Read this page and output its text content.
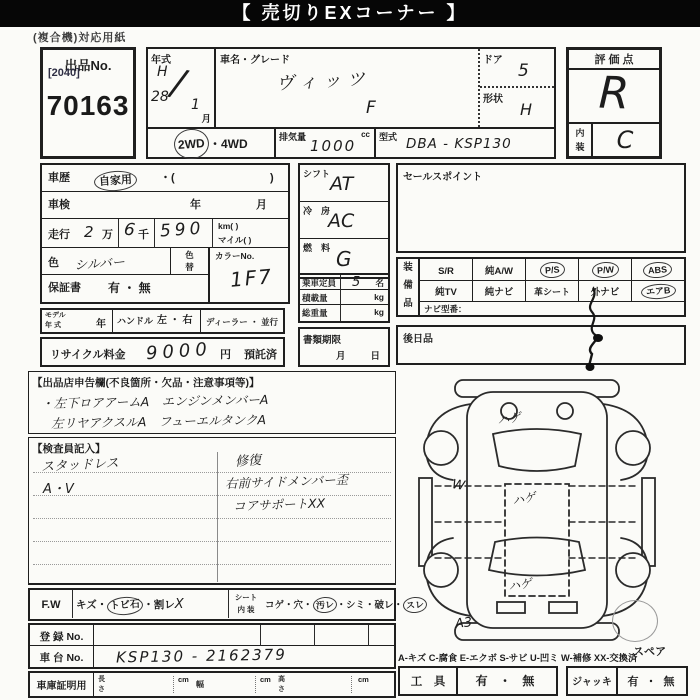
【 売切りEXコーナー 】
(複合機)対応用紙
出品No.
[2040]
70163
年式
H
28 /
1
月
車名・グレード
ヴィッツ
F
ドア
5
形状
H
2WD ・4WD	排気量	cc
1000	型式 DBA - KSP130
評 価 点
R
内
装	C
車歴	自家用	・(	)
車検	年	月
走行 2 万 6 千 590 km( )
マイル( )
色 シルバー
色
替
カラーNo.
1F7
保証書 有 ・ 無
シフト AT
冷　房
AC
燃　料 G
乗車定員 5 名
積載量	kg
総重量	kg
書類期限
月	日
セールスポイント
装
備
品
S/R	純A/W	P/S	P/W	ABS
純TV	純ナビ	革シート	外ナビ	エアB
ナビ型番：
後日品
モデル
年 式	年 ハンドル 左 ・ 右	ディーラー ・ 並行
リサイクル料金 9000 円 預託済
【出品店申告欄(不良箇所・欠品・注意事項等)】
・左下ロアアームA　エンジンメンバーA
左リヤアクスルA　フューエルタンクA
【検査員記入】
スタッドレス
A・V
修復
右前サイドメンバー歪
コアサポートXX
F.W	キズ・ トビ石 ・割レX	シート
内 装	コゲ・穴・ 汚レ ・シミ・破レ・ スレ
登 録 No.
車 台 No.	KSP130 - 2162379
車庫証明用
長
さ
cm
幅
cm 高
さ
cm
ハゲ
ハゲ
W
ハゲ
A3
スペア
A-キズ C-腐食 E-エクボ S-サビ U-凹ミ W-補修 XX-交換済
工　具	有 ・ 無	ジャッキ	有 ・ 無
